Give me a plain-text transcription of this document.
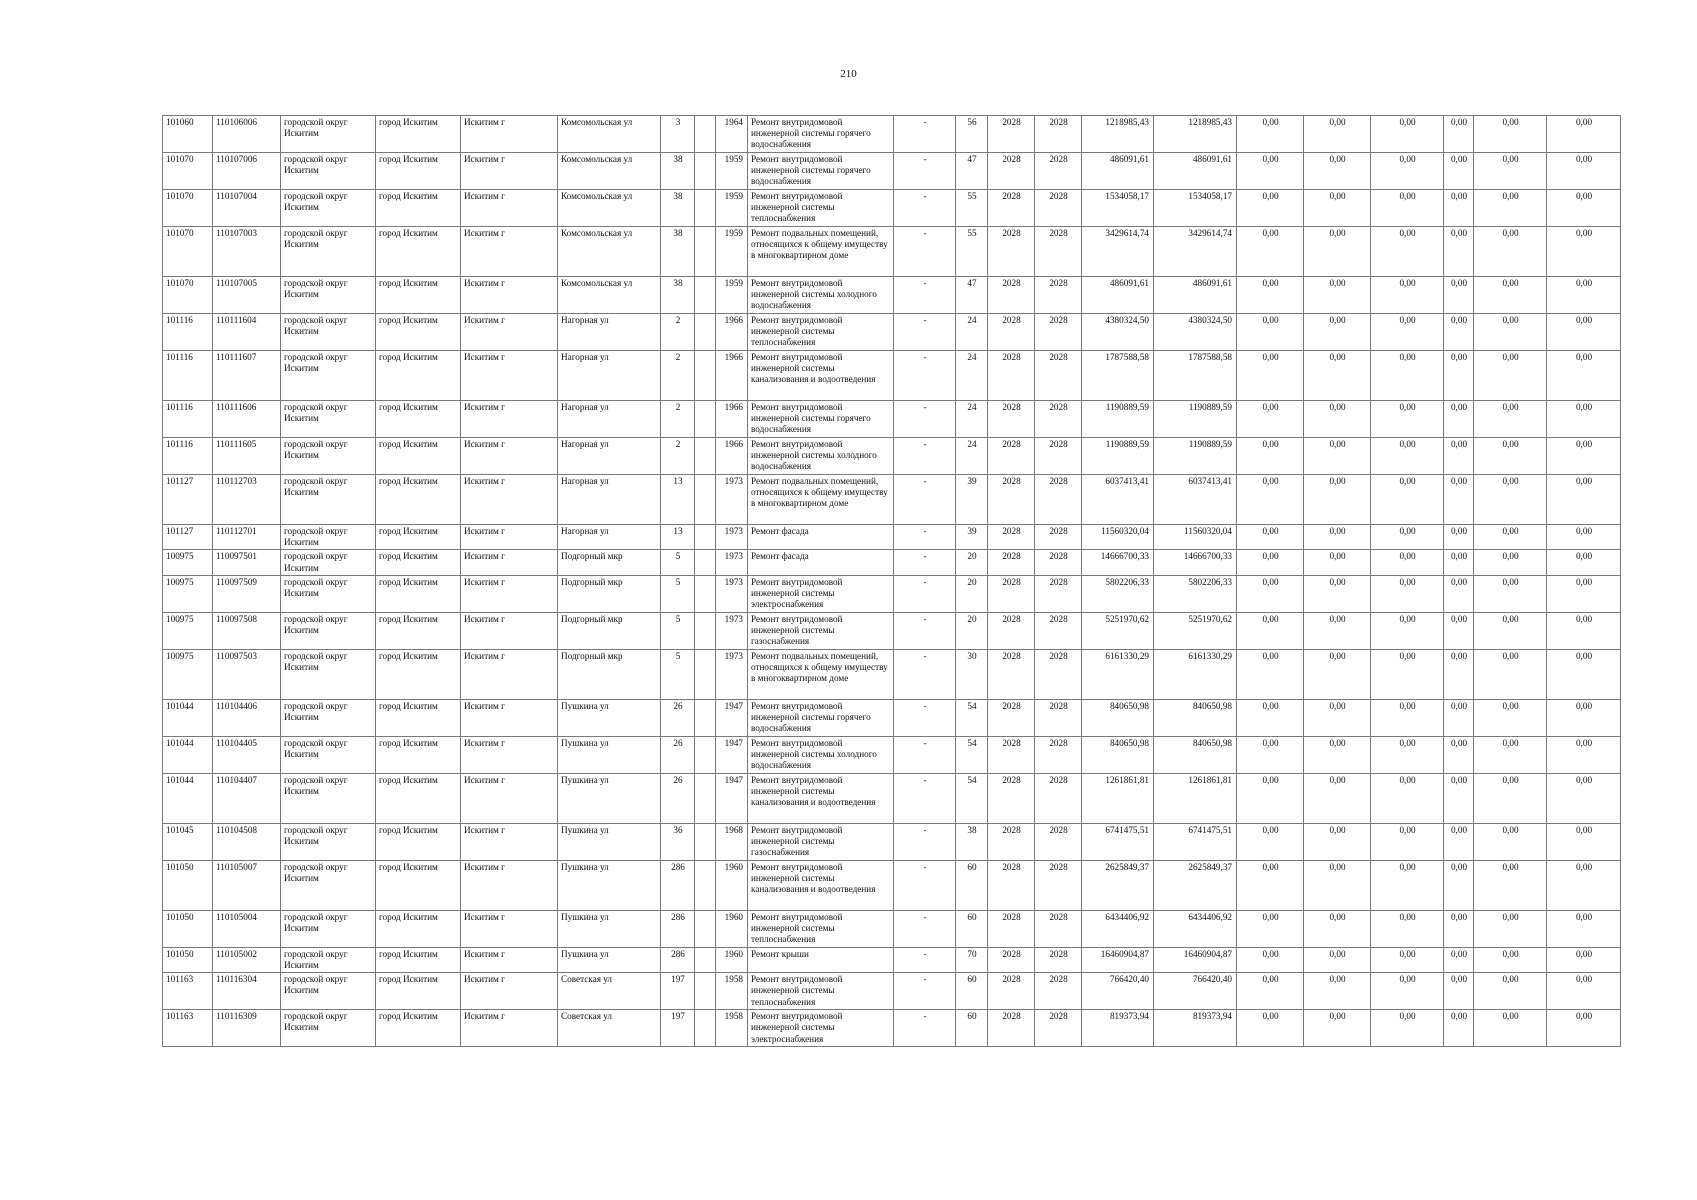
210
101060	110106006	городской округ Искитим	город Искитим	Искитим г	Комсомольская ул	3		1964	Ремонт внутридомовой инженерной системы горячего водоснабжения	-	56	2028	2028	1218985,43	1218985,43	0,00	0,00	0,00	0,00	0,00	0,00
101070	110107006	городской округ Искитим	город Искитим	Искитим г	Комсомольская ул	38		1959	Ремонт внутридомовой инженерной системы горячего водоснабжения	-	47	2028	2028	486091,61	486091,61	0,00	0,00	0,00	0,00	0,00	0,00
101070	110107004	городской округ Искитим	город Искитим	Искитим г	Комсомольская ул	38		1959	Ремонт внутридомовой инженерной системы теплоснабжения	-	55	2028	2028	1534058,17	1534058,17	0,00	0,00	0,00	0,00	0,00	0,00
101070	110107003	городской округ Искитим	город Искитим	Искитим г	Комсомольская ул	38		1959	Ремонт подвальных помещений, относящихся к общему имуществу в многоквартирном доме	-	55	2028	2028	3429614,74	3429614,74	0,00	0,00	0,00	0,00	0,00	0,00
101070	110107005	городской округ Искитим	город Искитим	Искитим г	Комсомольская ул	38		1959	Ремонт внутридомовой инженерной системы холодного водоснабжения	-	47	2028	2028	486091,61	486091,61	0,00	0,00	0,00	0,00	0,00	0,00
101116	110111604	городской округ Искитим	город Искитим	Искитим г	Нагорная ул	2		1966	Ремонт внутридомовой инженерной системы теплоснабжения	-	24	2028	2028	4380324,50	4380324,50	0,00	0,00	0,00	0,00	0,00	0,00
101116	110111607	городской округ Искитим	город Искитим	Искитим г	Нагорная ул	2		1966	Ремонт внутридомовой инженерной системы канализования и водоотведения	-	24	2028	2028	1787588,58	1787588,58	0,00	0,00	0,00	0,00	0,00	0,00
101116	110111606	городской округ Искитим	город Искитим	Искитим г	Нагорная ул	2		1966	Ремонт внутридомовой инженерной системы горячего водоснабжения	-	24	2028	2028	1190889,59	1190889,59	0,00	0,00	0,00	0,00	0,00	0,00
101116	110111605	городской округ Искитим	город Искитим	Искитим г	Нагорная ул	2		1966	Ремонт внутридомовой инженерной системы холодного водоснабжения	-	24	2028	2028	1190889,59	1190889,59	0,00	0,00	0,00	0,00	0,00	0,00
101127	110112703	городской округ Искитим	город Искитим	Искитим г	Нагорная ул	13		1973	Ремонт подвальных помещений, относящихся к общему имуществу в многоквартирном доме	-	39	2028	2028	6037413,41	6037413,41	0,00	0,00	0,00	0,00	0,00	0,00
101127	110112701	городской округ Искитим	город Искитим	Искитим г	Нагорная ул	13		1973	Ремонт фасада	-	39	2028	2028	11560320,04	11560320,04	0,00	0,00	0,00	0,00	0,00	0,00
100975	110097501	городской округ Искитим	город Искитим	Искитим г	Подгорный мкр	5		1973	Ремонт фасада	-	20	2028	2028	14666700,33	14666700,33	0,00	0,00	0,00	0,00	0,00	0,00
100975	110097509	городской округ Искитим	город Искитим	Искитим г	Подгорный мкр	5		1973	Ремонт внутридомовой инженерной системы электроснабжения	-	20	2028	2028	5802206,33	5802206,33	0,00	0,00	0,00	0,00	0,00	0,00
100975	110097508	городской округ Искитим	город Искитим	Искитим г	Подгорный мкр	5		1973	Ремонт внутридомовой инженерной системы газоснабжения	-	20	2028	2028	5251970,62	5251970,62	0,00	0,00	0,00	0,00	0,00	0,00
100975	110097503	городской округ Искитим	город Искитим	Искитим г	Подгорный мкр	5		1973	Ремонт подвальных помещений, относящихся к общему имуществу в многоквартирном доме	-	30	2028	2028	6161330,29	6161330,29	0,00	0,00	0,00	0,00	0,00	0,00
101044	110104406	городской округ Искитим	город Искитим	Искитим г	Пушкина ул	26		1947	Ремонт внутридомовой инженерной системы горячего водоснабжения	-	54	2028	2028	840650,98	840650,98	0,00	0,00	0,00	0,00	0,00	0,00
101044	110104405	городской округ Искитим	город Искитим	Искитим г	Пушкина ул	26		1947	Ремонт внутридомовой инженерной системы холодного водоснабжения	-	54	2028	2028	840650,98	840650,98	0,00	0,00	0,00	0,00	0,00	0,00
101044	110104407	городской округ Искитим	город Искитим	Искитим г	Пушкина ул	26		1947	Ремонт внутридомовой инженерной системы канализования и водоотведения	-	54	2028	2028	1261861,81	1261861,81	0,00	0,00	0,00	0,00	0,00	0,00
101045	110104508	городской округ Искитим	город Искитим	Искитим г	Пушкина ул	36		1968	Ремонт внутридомовой инженерной системы газоснабжения	-	38	2028	2028	6741475,51	6741475,51	0,00	0,00	0,00	0,00	0,00	0,00
101050	110105007	городской округ Искитим	город Искитим	Искитим г	Пушкина ул	286		1960	Ремонт внутридомовой инженерной системы канализования и водоотведения	-	60	2028	2028	2625849,37	2625849,37	0,00	0,00	0,00	0,00	0,00	0,00
101050	110105004	городской округ Искитим	город Искитим	Искитим г	Пушкина ул	286		1960	Ремонт внутридомовой инженерной системы теплоснабжения	-	60	2028	2028	6434406,92	6434406,92	0,00	0,00	0,00	0,00	0,00	0,00
101050	110105002	городской округ Искитим	город Искитим	Искитим г	Пушкина ул	286		1960	Ремонт крыши	-	70	2028	2028	16460904,87	16460904,87	0,00	0,00	0,00	0,00	0,00	0,00
101163	110116304	городской округ Искитим	город Искитим	Искитим г	Советская ул	197		1958	Ремонт внутридомовой инженерной системы теплоснабжения	-	60	2028	2028	766420,40	766420,40	0,00	0,00	0,00	0,00	0,00	0,00
101163	110116309	городской округ Искитим	город Искитим	Искитим г	Советская ул	197		1958	Ремонт внутридомовой инженерной системы электроснабжения	-	60	2028	2028	819373,94	819373,94	0,00	0,00	0,00	0,00	0,00	0,00
